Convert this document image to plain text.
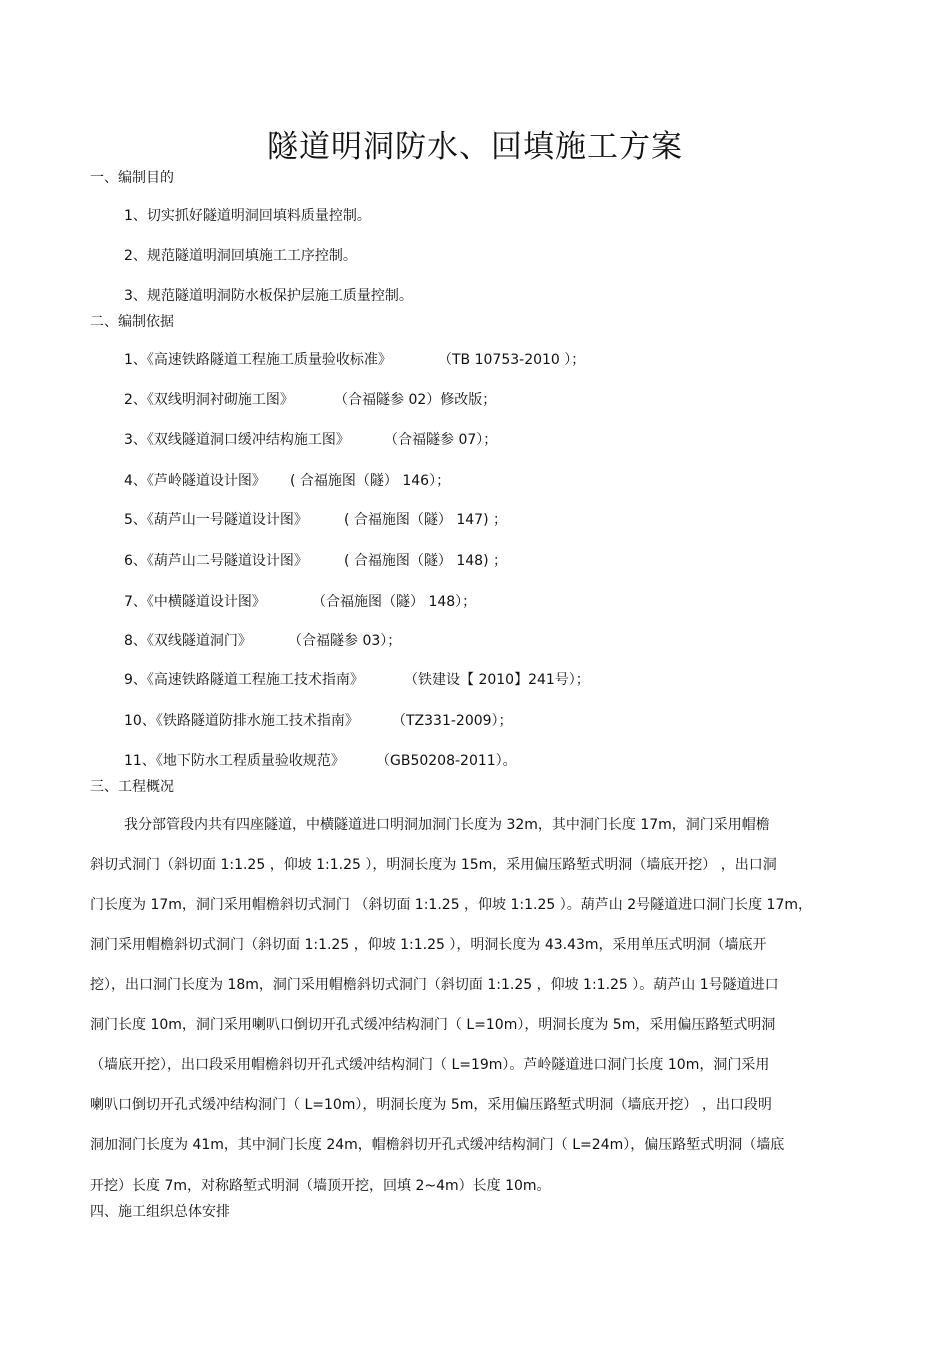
隧道明洞防水、回填施工方案
一、编制目的
1、切实抓好隧道明洞回填料质量控制。
2、规范隧道明洞回填施工工序控制。
3、规范隧道明洞防水板保护层施工质量控制。
二、编制依据
1、《高速铁路隧道工程施工质量验收标准》	（TB 10753-2010 ）；
2、《双线明洞衬砌施工图》	（合福隧参 02）修改版；
3、《双线隧道洞口缓冲结构施工图》 （合福隧参 07）；
4、《芦岭隧道设计图》 ( 合福施图（隧） 146）；
5、《葫芦山一号隧道设计图》	( 合福施图（隧） 147) ；
6、《葫芦山二号隧道设计图》	( 合福施图（隧） 148) ；
7、《中横隧道设计图》	（合福施图（隧） 148）；
8、《双线隧道洞门》	（合福隧参 03）；
9、《高速铁路隧道工程施工技术指南》	（铁建设【 2010】241号）；
10、《铁路隧道防排水施工技术指南》 （TZ331-2009）；
11、《地下防水工程质量验收规范》 （GB50208-2011）。
三、工程概况
我分部管段内共有四座隧道，中横隧道进口明洞加洞门长度为 32m，其中洞门长度 17m，洞门采用帽檐
斜切式洞门（斜切面 1:1.25 ，仰坡 1:1.25 ），明洞长度为 15m，采用偏压路堑式明洞（墙底开挖） ，出口洞
门长度为 17m，洞门采用帽檐斜切式洞门 （斜切面 1:1.25 ，仰坡 1:1.25 ）。葫芦山 2号隧道进口洞门长度 17m，
洞门采用帽檐斜切式洞门（斜切面 1:1.25 ，仰坡 1:1.25 ），明洞长度为 43.43m，采用单压式明洞（墙底开
挖），出口洞门长度为 18m，洞门采用帽檐斜切式洞门（斜切面 1:1.25 ，仰坡 1:1.25 ）。葫芦山 1号隧道进口
洞门长度 10m，洞门采用喇叭口倒切开孔式缓冲结构洞门（ L=10m），明洞长度为 5m，采用偏压路堑式明洞
（墙底开挖），出口段采用帽檐斜切开孔式缓冲结构洞门（ L=19m）。芦岭隧道进口洞门长度 10m，洞门采用
喇叭口倒切开孔式缓冲结构洞门（ L=10m），明洞长度为 5m，采用偏压路堑式明洞（墙底开挖） ，出口段明
洞加洞门长度为 41m，其中洞门长度 24m，帽檐斜切开孔式缓冲结构洞门（ L=24m），偏压路堑式明洞（墙底
开挖）长度 7m，对称路堑式明洞（墙顶开挖，回填 2~4m）长度 10m。
四、施工组织总体安排
